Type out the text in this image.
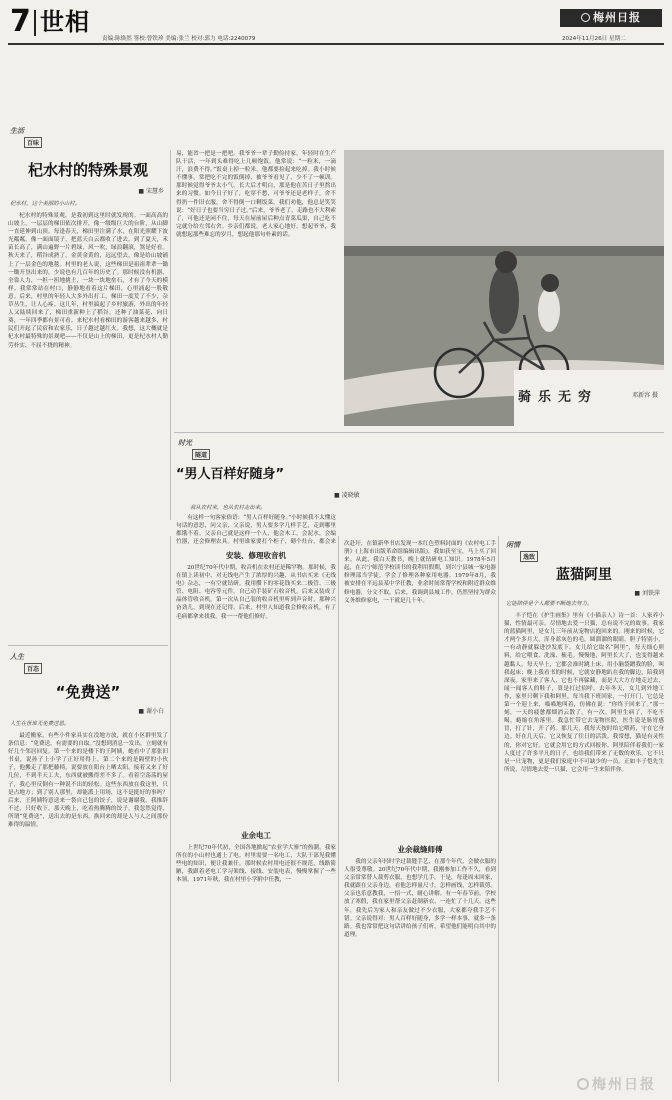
7 世相
责编:陈焕然 签校:曾铁珍 美编:张兰 校对:郭力 电话:2240079
梅州日报
2024年11月26日 星期二
生活
百味
杞水村的特殊景观
■ 宋慧乡
杞水村，这个美丽的小山村。

杞水村的特殊景观，是我初到这里时就发现的。一面高高的山坡上，一层层的梯田依次排开，像一级级巨大的台阶，从山脚一直延伸到山顶。每逢春天，梯田里注满了水，在阳光照耀下波光粼粼，像一面面镜子，把蓝天白云都收了进去。到了夏天，禾苗长高了，满山遍野一片碧绿，风一吹，绿浪翻滚，煞是好看。秋天来了，稻谷成熟了，金黄金黄的，远远望去，像是给山坡铺上了一层金色的地毯。村里的老人说，这些梯田是祖祖辈辈一锄一锄开垦出来的，少说也有几百年的历史了。那时候没有机器，全靠人力，一担一担地挑土，一块一块地垒石，才有了今天的模样。我常常站在村口，静静地看着这片梯田，心里涌起一股敬意。后来，村里的年轻人大多外出打工，梯田一度荒了不少，杂草丛生，让人心疼。这几年，村里搞起了乡村旅游，外出的年轻人又陆续回来了，梯田重新种上了稻谷，还种了油菜花、向日葵，一年四季都有景可看。来杞水村看梯田的游客越来越多，村民们开起了民宿和农家乐，日子越过越红火。我想，这大概就是杞水村最特殊的景观吧——不仅是山上的梯田，更是杞水村人勤劳朴实、不屈不挠的精神。

人生
百态
“免费送”
■ 谢小白
人生在世谁无免费送恩。

最近搬家，有些小件家具实在没地方放，就在小区群里发了条信息：“免费送，有需要的自取。”没想到消息一发出，立刻就有好几个邻居回复。第一个来的是楼下的王阿姨，她看中了那张旧书桌，说孙子上小学了正好用得上。第二个来的是隔壁的小伙子，他搬走了那把藤椅，说要放在阳台上晒太阳。接着又来了好几位，不到半天工夫，东西就被搬得差不多了。看着空荡荡的屋子，我心里反倒有一种说不出的轻松。这些东西放在我这里，只是占地方；到了别人那里，却能派上用场，这不是挺好的事吗？后来，王阿姨特意送来一袋自己包的饺子，说是谢谢我。我推辞不过，只好收下。那天晚上，吃着热腾腾的饺子，我忽然觉得，所谓“免费送”，送出去的是东西，换回来的却是人与人之间那份难得的温情。

易，能省一把是一把吧。我爷爷一辈子勤俭持家，年轻时在生产队干活，一年到头难得吃上几顿饱饭。他常说：“一粒米，一滴汗，浪费不得。”饭桌上掉一粒米，他都要捡起来吃掉。我小时候不懂事，常把吃不完的饭倒掉，被爷爷看见了，少不了一顿训。那时候觉得爷爷太小气，长大后才明白，那是他在苦日子里熬出来的习惯。如今日子好了，吃穿不愁，可爷爷还是老样子，舍不得扔一件旧衣服，舍不得倒一口剩饭菜。我们劝他，他总是笑笑说：“好日子也要当穷日子过。”后来，爷爷老了，走路也不大利索了，可他还是闲不住，每天在屋前屋后种点青菜瓜果，自己吃不完就分给左邻右舍。乡亲们都说，老人家心地好。想起爷爷，我就想起那些难忘的岁月，想起他那句朴素的话。

骑乐无穷	邓新容 摄
时光
隧道
“男人百样好随身”
■ 凌晓敏
我从农村来，也从农村走出来。

有这样一句客家俗语：“男人百样好随身。”小时候我不太懂这句话的意思，问父亲，父亲说，男人要多学几样手艺，走到哪里都饿不着。父亲自己就是这样一个人，他会木工，会泥水，会编竹器，还会修理农具。村里谁家要打个柜子，砌个灶台，都会来

安装、修理收音机

20世纪70年代中期，收音机在农村还是稀罕物。那时候，我在镇上读初中，对无线电产生了浓厚的兴趣，从书店买来《无线电》杂志，一有空就钻研。我用攒下的零花钱买来二极管、三极管、电阻、电容等元件，自己动手装矿石收音机，后来又装成了晶体管收音机。第一次从自己装的收音机里听到声音时，那种兴奋劲儿，到现在还记得。后来，村里人知道我会修收音机，有了毛病都拿来找我，我一一帮他们修好。

业余电工

上世纪70年代初，全国各地掀起“农业学大寨”的热潮，我家所在的小山村也通上了电。村里需要一名电工，大队干部见我懂些电的知识，便让我兼任。那时候农村用电还很不规范，线路简陋，我跟着老电工学习架线、接线、安装电表，慢慢掌握了一些本领。1971年秋，我在村里小学附中任教，一

次赴圩，在镇新华书店发现一本红色塑料封面的《农村电工手册》(上海市出版革命组编辑出版)，我如获至宝，马上买了回来。从此，我白天教书，晚上就钻研电工知识。1978年5月起，在兴宁师范学校读书的我利用假期，到兴宁县城一家电器修理部当学徒，学会了修理各种家用电器。1979年8月，我被安排在平远县某中学任教，业余时间常帮学校和附近群众维修电器，分文不取。后来，我调到县城工作，仍然坚持为群众义务维修家电，一干就是几十年。

业余裁缝师傅

我的父亲年轻时学过裁缝手艺，在那个年代，会做衣服的人很受尊敬。20世纪70年代中期，我刚参加工作不久，看到父亲常常替人裁剪衣服，也想学几手。于是，每逢周末回家，我就跟在父亲身边，看他怎样量尺寸，怎样画线，怎样裁剪。父亲也乐意教我，一招一式，耐心讲解。有一年春节前，学校放了寒假，我在家里帮父亲赶制新衣，一连忙了十几天。这些年，我先后为家人和亲友做过不少衣服，大家都夸我手艺不错。父亲说得对：男人百样好随身，多学一样本事，就多一条路。我也常常把这句话讲给孩子们听，希望他们能明白其中的道理。

闲情
逸致
蓝猫阿里
■ 刘铁萍
它能陪伴是个人都要不断地去努力。

丰子恺在《护生画集》里有《小猫亲人》诗一首：人家养小猫，性情最可亲。尽情地去爱一只猫，总有说不完的故事。我家的蓝猫阿里，是女儿三年前从宠物店抱回来的。刚来的时候，它才两个多月大，浑身蓝灰色的毛，圆溜溜的眼睛，胆子特别小，一有动静就躲进沙发底下。女儿给它取名“阿里”，每天细心照料，给它喂食、洗澡、梳毛。慢慢地，阿里长大了，也变得越来越黏人。每天早上，它都会准时跳上床，用小脑袋蹭我的脸，叫我起床；晚上我看书的时候，它就安静地趴在我的脚边，陪我到深夜。家里来了客人，它也不再躲藏，而是大大方方地走过去，闻一闻客人的鞋子，算是打过招呼。去年冬天，女儿到外地工作，家里只剩下我和阿里。每当我下班回家，一打开门，它总是第一个迎上来，喵喵地叫着，仿佛在说：“你终于回来了。”那一刻，一天的疲惫都烟消云散了。有一次，阿里生病了，不吃不喝，蜷缩在角落里。我急忙带它去宠物医院，医生说是肠胃感冒，打了针，开了药。那几天，我每天按时给它喂药，守在它身边。好在几天后，它又恢复了往日的活泼。我常想，猫是有灵性的，你对它好，它就会用它的方式回报你。阿里陪伴着我们一家人度过了许多平凡的日子，也给我们带来了无数的欢乐。它不只是一只宠物，更是我们家庭中不可缺少的一员。正如丰子恺先生所说，尽情地去爱一只猫，它会用一生来陪伴你。

梅州日报
